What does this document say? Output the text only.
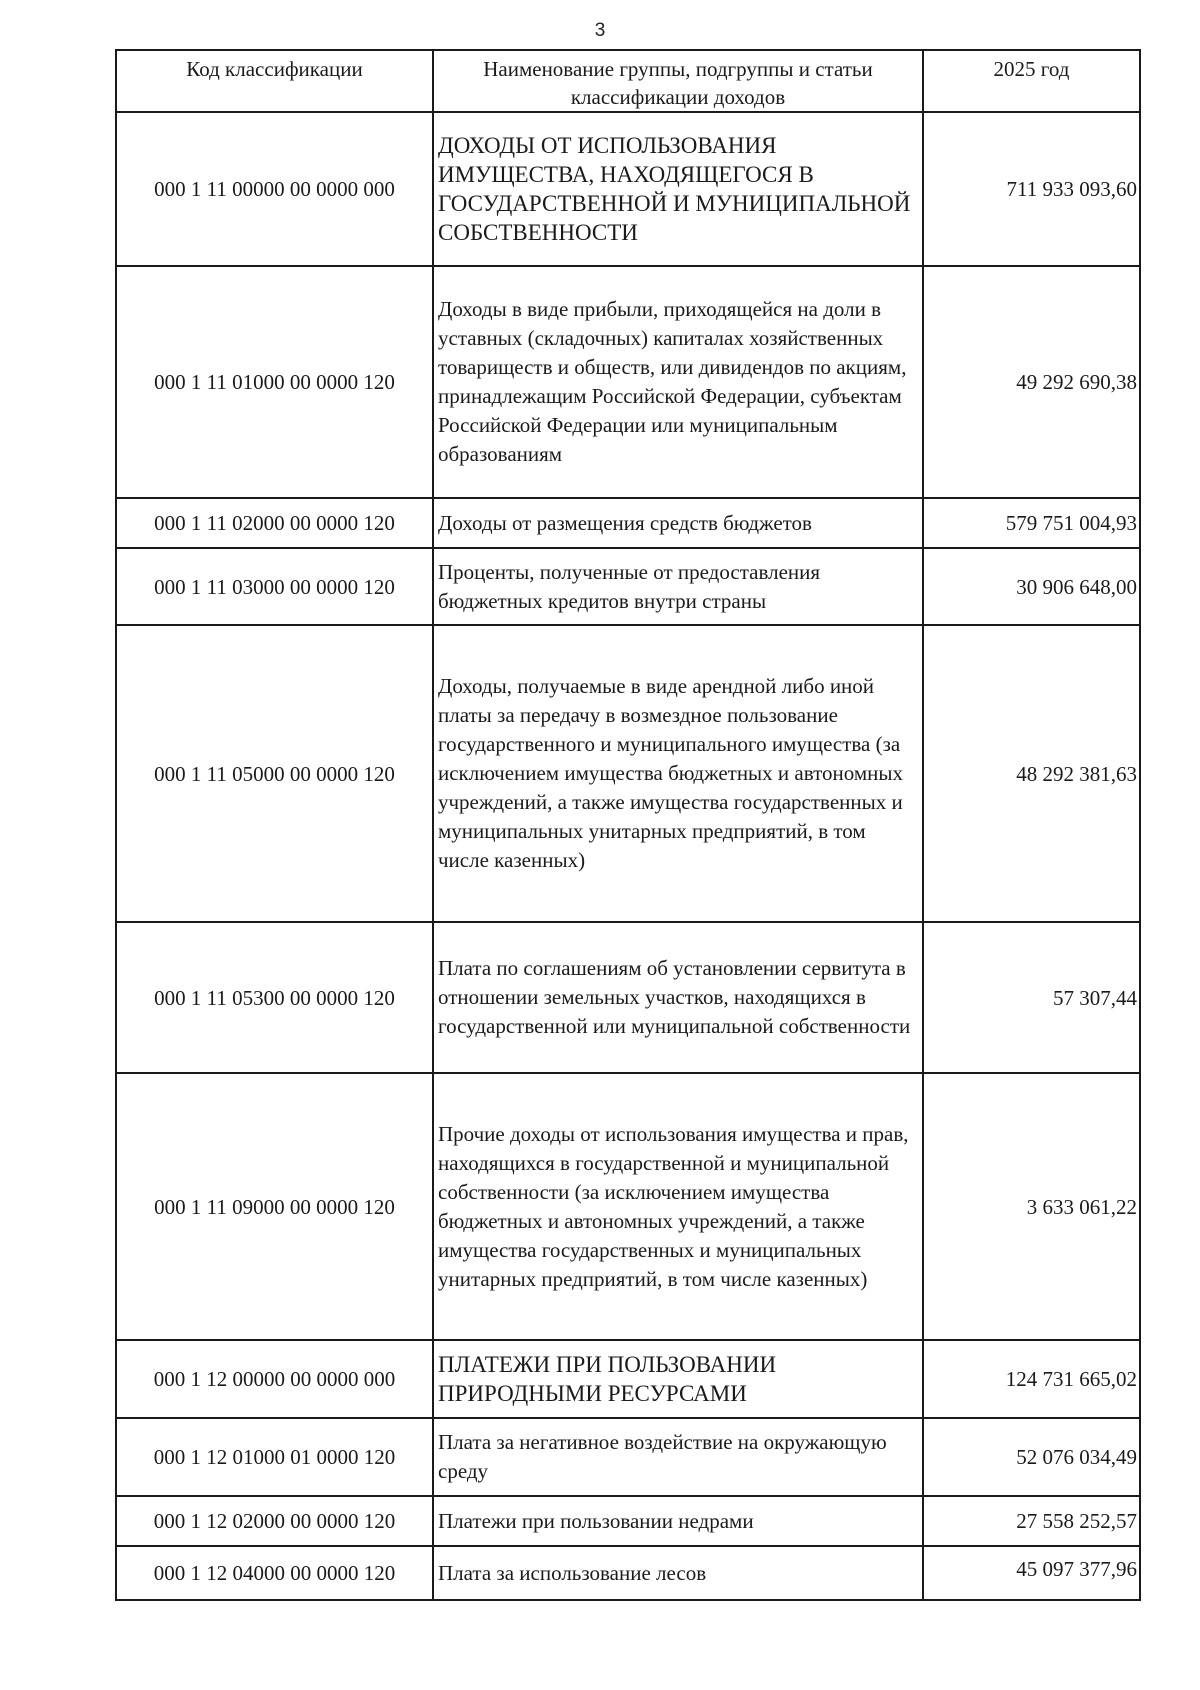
3
Код классификации	Наименование группы, подгруппы и статьи классификации доходов	2025 год
000 1 11 00000 00 0000 000	ДОХОДЫ ОТ ИСПОЛЬЗОВАНИЯ ИМУЩЕСТВА, НАХОДЯЩЕГОСЯ В ГОСУДАРСТВЕННОЙ И МУНИЦИПАЛЬНОЙ СОБСТВЕННОСТИ	711 933 093,60
000 1 11 01000 00 0000 120	Доходы в виде прибыли, приходящейся на доли в уставных (складочных) капиталах хозяйственных товариществ и обществ, или дивидендов по акциям, принадлежащим Российской Федерации, субъектам Российской Федерации или муниципальным образованиям	49 292 690,38
000 1 11 02000 00 0000 120	Доходы от размещения средств бюджетов	579 751 004,93
000 1 11 03000 00 0000 120	Проценты, полученные от предоставления бюджетных кредитов внутри страны	30 906 648,00
000 1 11 05000 00 0000 120	Доходы, получаемые в виде арендной либо иной платы за передачу в возмездное пользование государственного и муниципального имущества (за исключением имущества бюджетных и автономных учреждений, а также имущества государственных и муниципальных унитарных предприятий, в том числе казенных)	48 292 381,63
000 1 11 05300 00 0000 120	Плата по соглашениям об установлении сервитута в отношении земельных участков, находящихся в государственной или муниципальной собственности	57 307,44
000 1 11 09000 00 0000 120	Прочие доходы от использования имущества и прав, находящихся в государственной и муниципальной собственности (за исключением имущества бюджетных и автономных учреждений, а также имущества государственных и муниципальных унитарных предприятий, в том числе казенных)	3 633 061,22
000 1 12 00000 00 0000 000	ПЛАТЕЖИ ПРИ ПОЛЬЗОВАНИИ ПРИРОДНЫМИ РЕСУРСАМИ	124 731 665,02
000 1 12 01000 01 0000 120	Плата за негативное воздействие на окружающую среду	52 076 034,49
000 1 12 02000 00 0000 120	Платежи при пользовании недрами	27 558 252,57
000 1 12 04000 00 0000 120	Плата за использование лесов	45 097 377,96
